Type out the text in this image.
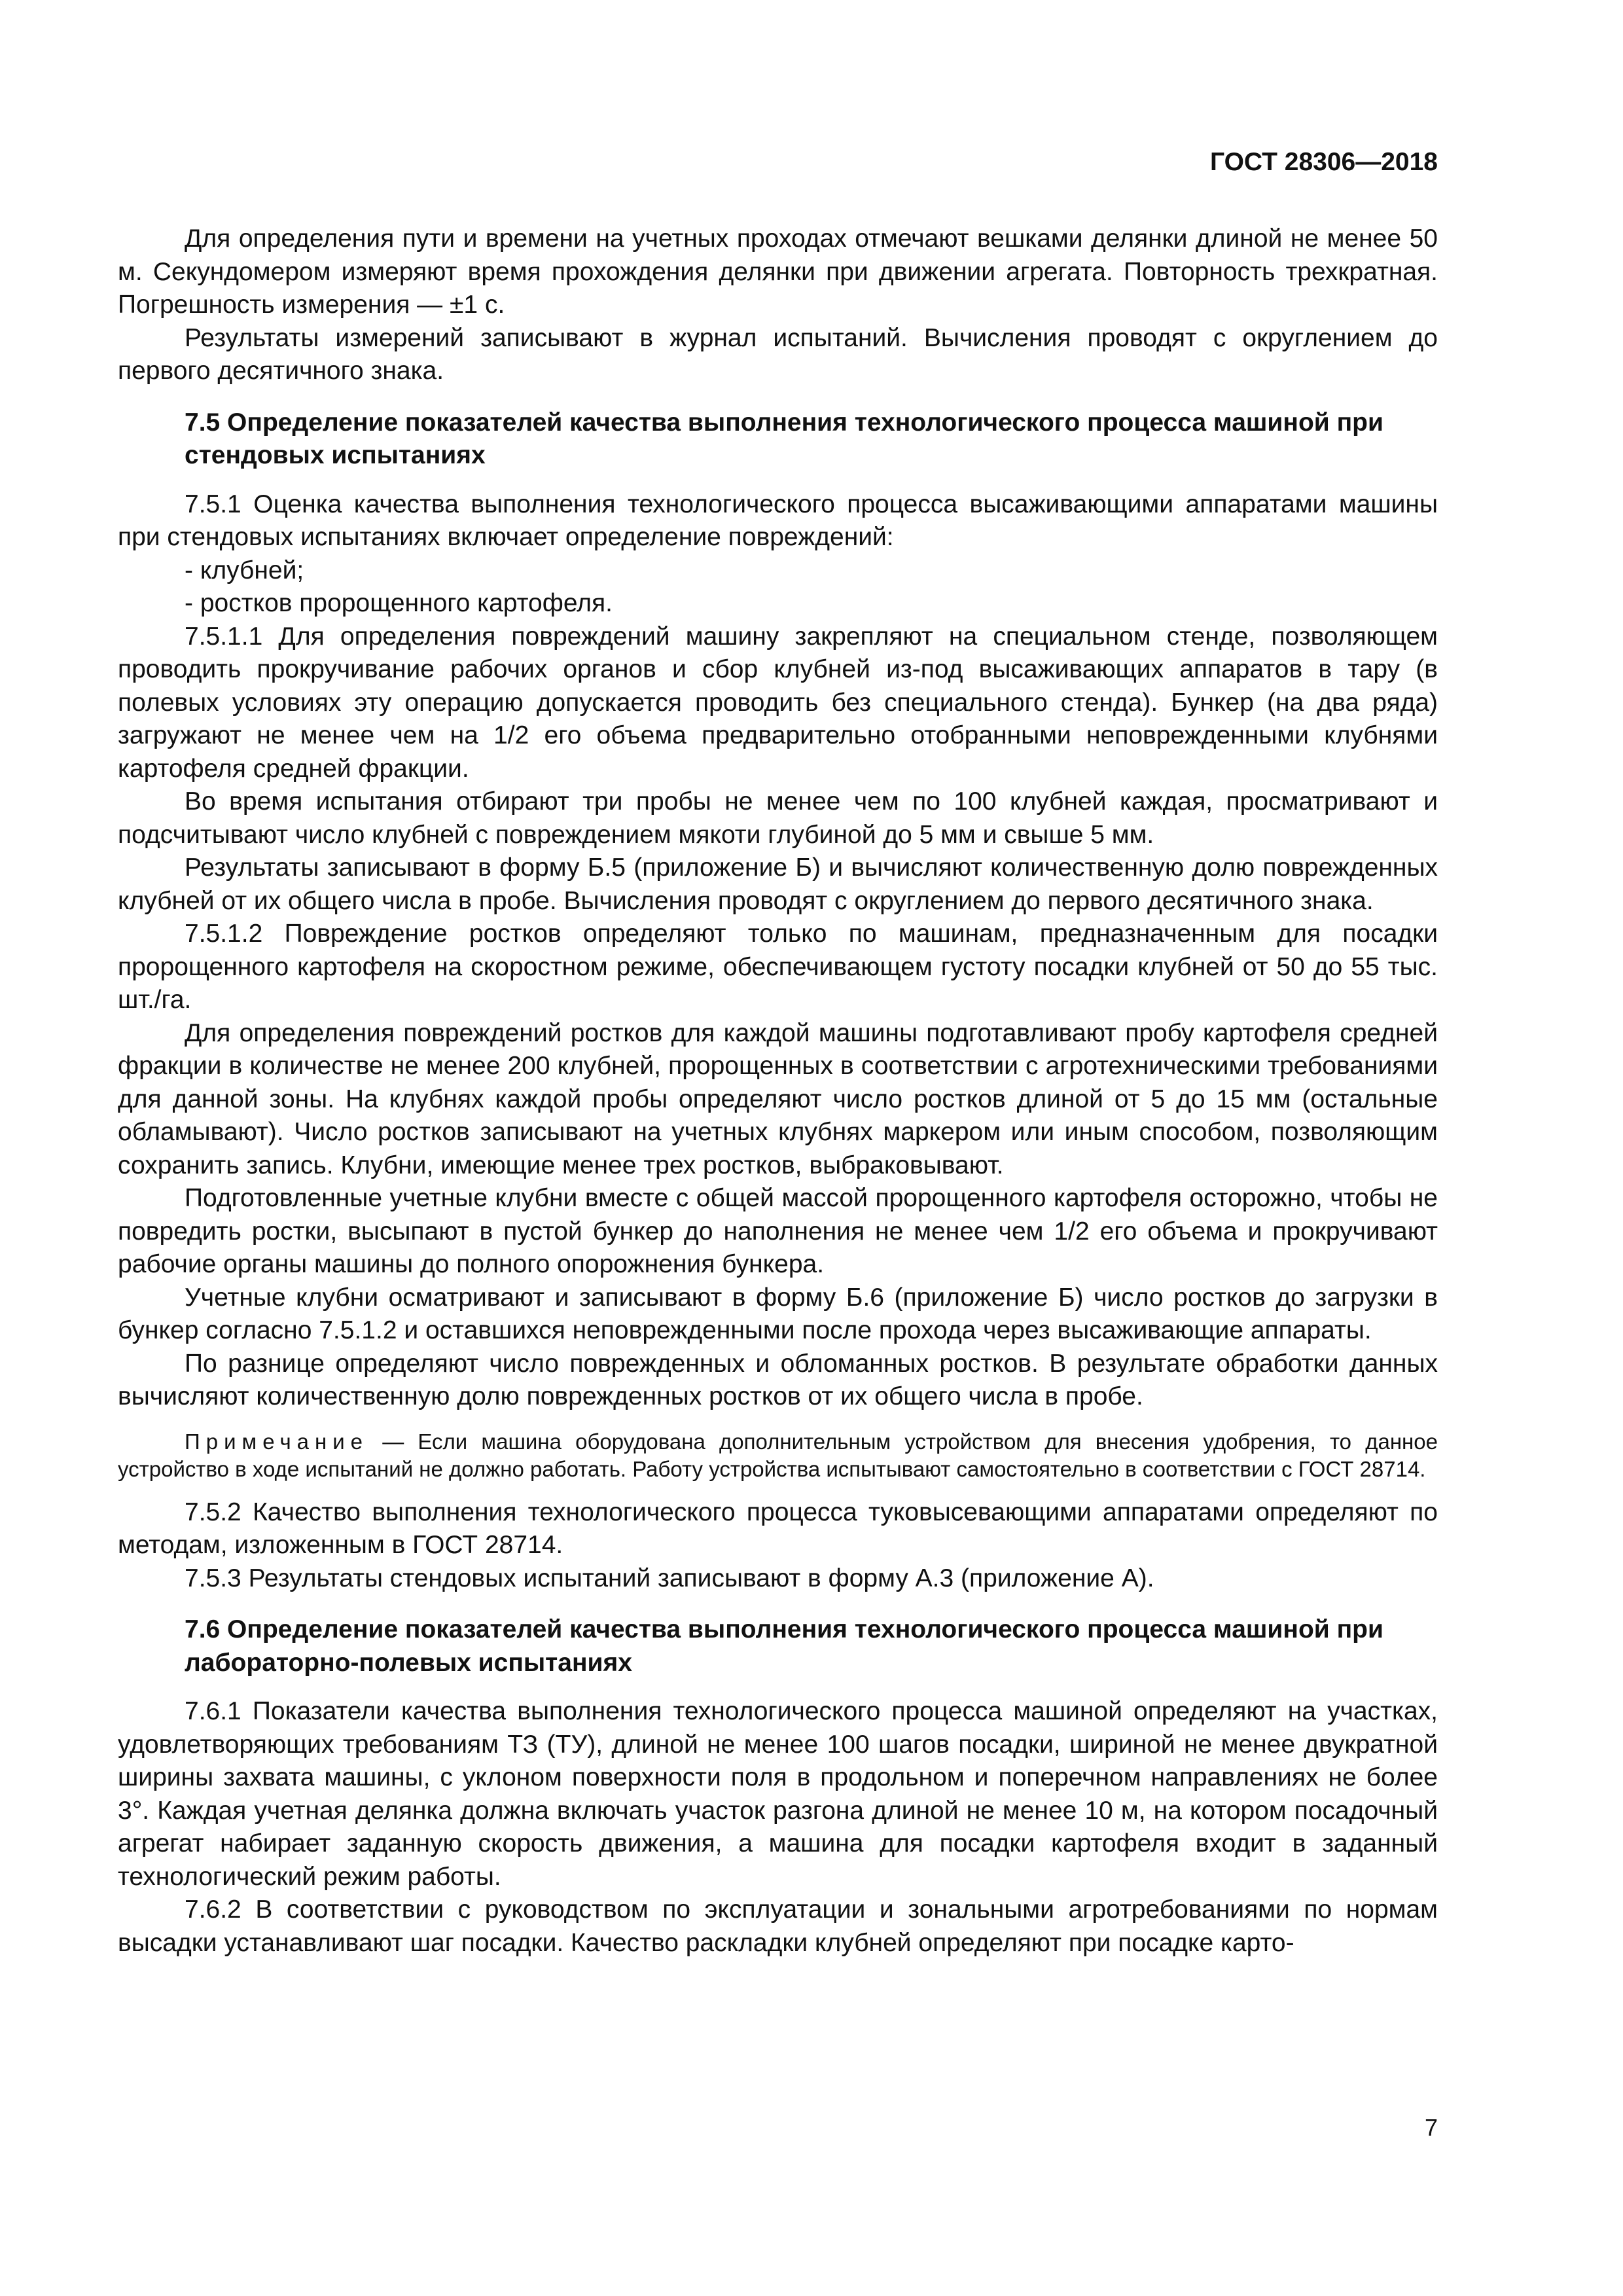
ГОСТ 28306—2018

Для определения пути и времени на учетных проходах отмечают вешками делянки длиной не менее 50 м. Секундомером измеряют время прохождения делянки при движении агрегата. Повторность трехкратная. Погрешность измерения — ±1 с.

Результаты измерений записывают в журнал испытаний. Вычисления проводят с округлением до первого десятичного знака.

7.5 Определение показателей качества выполнения технологического процесса машиной при стендовых испытаниях

7.5.1 Оценка качества выполнения технологического процесса высаживающими аппаратами машины при стендовых испытаниях включает определение повреждений:

- клубней;

- ростков пророщенного картофеля.

7.5.1.1 Для определения повреждений машину закрепляют на специальном стенде, позволяющем проводить прокручивание рабочих органов и сбор клубней из-под высаживающих аппаратов в тару (в полевых условиях эту операцию допускается проводить без специального стенда). Бункер (на два ряда) загружают не менее чем на 1/2 его объема предварительно отобранными неповрежденными клубнями картофеля средней фракции.

Во время испытания отбирают три пробы не менее чем по 100 клубней каждая, просматривают и подсчитывают число клубней с повреждением мякоти глубиной до 5 мм и свыше 5 мм.

Результаты записывают в форму Б.5 (приложение Б) и вычисляют количественную долю поврежденных клубней от их общего числа в пробе. Вычисления проводят с округлением до первого десятичного знака.

7.5.1.2 Повреждение ростков определяют только по машинам, предназначенным для посадки пророщенного картофеля на скоростном режиме, обеспечивающем густоту посадки клубней от 50 до 55 тыс. шт./га.

Для определения повреждений ростков для каждой машины подготавливают пробу картофеля средней фракции в количестве не менее 200 клубней, пророщенных в соответствии с агротехническими требованиями для данной зоны. На клубнях каждой пробы определяют число ростков длиной от 5 до 15 мм (остальные обламывают). Число ростков записывают на учетных клубнях маркером или иным способом, позволяющим сохранить запись. Клубни, имеющие менее трех ростков, выбраковывают.

Подготовленные учетные клубни вместе с общей массой пророщенного картофеля осторожно, чтобы не повредить ростки, высыпают в пустой бункер до наполнения не менее чем 1/2 его объема и прокручивают рабочие органы машины до полного опорожнения бункера.

Учетные клубни осматривают и записывают в форму Б.6 (приложение Б) число ростков до загрузки в бункер согласно 7.5.1.2 и оставшихся неповрежденными после прохода через высаживающие аппараты.

По разнице определяют число поврежденных и обломанных ростков. В результате обработки данных вычисляют количественную долю поврежденных ростков от их общего числа в пробе.

Примечание — Если машина оборудована дополнительным устройством для внесения удобрения, то данное устройство в ходе испытаний не должно работать. Работу устройства испытывают самостоятельно в соответствии с ГОСТ 28714.

7.5.2 Качество выполнения технологического процесса туковысевающими аппаратами определяют по методам, изложенным в ГОСТ 28714.

7.5.3 Результаты стендовых испытаний записывают в форму А.3 (приложение А).

7.6 Определение показателей качества выполнения технологического процесса машиной при лабораторно-полевых испытаниях

7.6.1 Показатели качества выполнения технологического процесса машиной определяют на участках, удовлетворяющих требованиям ТЗ (ТУ), длиной не менее 100 шагов посадки, шириной не менее двукратной ширины захвата машины, с уклоном поверхности поля в продольном и поперечном направлениях не более 3°. Каждая учетная делянка должна включать участок разгона длиной не менее 10 м, на котором посадочный агрегат набирает заданную скорость движения, а машина для посадки картофеля входит в заданный технологический режим работы.

7.6.2 В соответствии с руководством по эксплуатации и зональными агротребованиями по нормам высадки устанавливают шаг посадки. Качество раскладки клубней определяют при посадке карто-

7
